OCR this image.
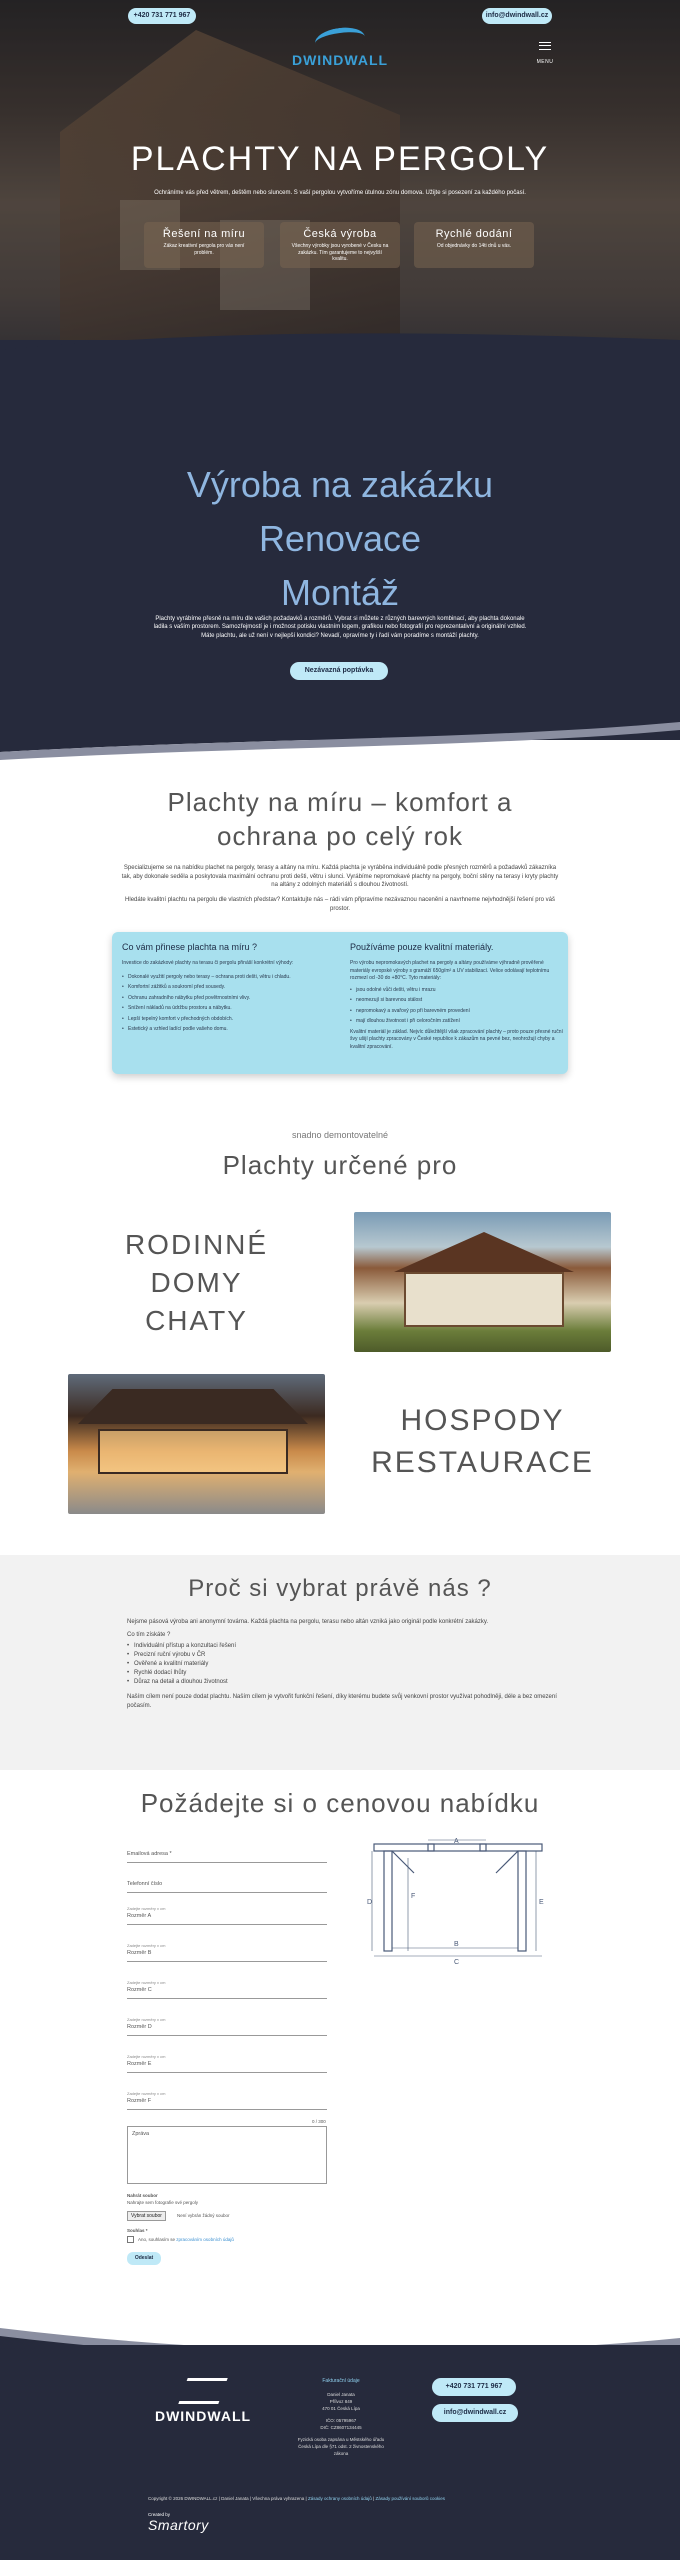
+420 731 771 967	info@dwindwall.cz
DWINDWALL	MENU
PLACHTY NA PERGOLY
Ochráníme vás před větrem, deštěm nebo sluncem. S vaší pergolou vytvoříme útulnou zónu domova. Užijte si posezení za každého počasí.
Řešení na míru

Zákaz kreativní pergola pro vás není problém.

Česká výroba

Všechny výrobky jsou vyrobené v Česku na zakázku. Tím garantujeme to nejvyšší kvalitu.

Rychlé dodání

Od objednávky do 14ti dnů u vás.

Výroba na zakázku
Renovace
Montáž
Plachty vyrábíme přesně na míru dle vašich požadavků a rozměrů. Vybrat si můžete z různých barevných kombinací, aby plachta dokonale ladila s vaším prostorem. Samozřejmostí je i možnost potisku vlastním logem, grafikou nebo fotografií pro reprezentativní a originální vzhled. Máte plachtu, ale už není v nejlepší kondici? Nevadí, opravíme ty i řadí vám poradíme s montáží plachty.
Nezávazná poptávka
Plachty na míru – komfort a
ochrana po celý rok
Specializujeme se na nabídku plachet na pergoly, terasy a altány na míru. Každá plachta je vyráběna individuálně podle přesných rozměrů a požadavků zákazníka tak, aby dokonale seděla a poskytovala maximální ochranu proti dešti, větru i slunci. Vyrábíme nepromokavé plachty na pergoly, boční stěny na terasy i kryty plachty na altány z odolných materiálů s dlouhou životností.
Hledáte kvalitní plachtu na pergolu dle vlastních představ? Kontaktujte nás – rádi vám připravíme nezávaznou nacenění a navrhneme nejvhodnější řešení pro váš prostor.
Co vám přinese plachta na míru ?

Investice do zakázkové plachty na terasu či pergolu přináší konkrétní výhody:

• Dokonalé využití pergoly nebo terasy – ochrana proti dešti, větru i chladu.
• Komfortní zážitků a soukromí před sousedy.
• Ochranu zahradního nábytku před povětrnostními vlivy.
• Snížení nákladů na údržbu prostoru a nábytku.
• Lepší tepelný komfort v přechodných obdobích.
• Estetický a vzhled ladící podle vašeho domu.
Používáme pouze kvalitní materiály.

Pro výrobu nepromokavých plachet na pergoly a altány používáme výhradně prověřené materiály evropské výroby s gramáží 650g/m² a UV stabilizací. Velice odolávají teplotnímu rozmezí od -30 do +80°C. Tyto materiály:

• jsou odolné vůči dešti, větru i mrazu
• neomezují si barevnou stálost
• nepromokavý a svařový po při barevném provedení
• mají dlouhou životnost i při celoročním zatížení

Kvalitní materiál je základ. Nejvíc důležitější však zpracování plachty – proto pouze přesné ruční švy ušijí plachty zpracovány v České republice k zákazům na pevné bez, neohrožují chyby a kvalitní zpracování.

snadno demontovatelné
Plachty určené pro
RODINNÉ
DOMY
CHATY
HOSPODY
RESTAURACE
Proč si vybrat právě nás ?

Nejsme pásová výroba ani anonymní továrna. Každá plachta na pergolu, terasu nebo altán vzniká jako originál podle konkrétní zakázky.

Co tím získáte ?

• Individuální přístup a konzultaci řešení
• Precizní ruční výrobu v ČR
• Ověřené a kvalitní materiály
• Rychlé dodací lhůty
• Důraz na detail a dlouhou životnost

Naším cílem není pouze dodat plachtu. Naším cílem je vytvořit funkční řešení, díky kterému budete svůj venkovní prostor využívat pohodlněji, déle a bez omezení počasím.

Požádejte si o cenovou nabídku
Emailová adresa *
Telefonní číslo
Zadejte rozměry v cm
Rozměr A
Zadejte rozměry v cm
Rozměr B
Zadejte rozměry v cm
Rozměr C
Zadejte rozměry v cm
Rozměr D
Zadejte rozměry v cm
Rozměr E
Zadejte rozměry v cm
Rozměr F
0 / 300
Zpráva
Nahrát soubor
Nahrajte sem fotografie své pergoly
Vybrat soubor	Není vybrán žádný soubor
Souhlas *
Ano, souhlasím se zpracováním osobních údajů
Odeslat
A
B
C
D	E
F
DWINDWALL
Fakturační údaje
Daniel Janata
Přílvoz 849
470 01 Česká Lípa
IČO: 05795967
DIČ: CZ8607134445
Fyzická osoba zapsána u Městského úřadu
Česká Lípa dle §71 odst. 2 živnostenského
zákona
+420 731 771 967
info@dwindwall.cz
Copyright © 2026 DWINDWALL.cz | Daniel Janata | Všechna práva vyhrazena | Zásady ochrany osobních údajů | Zásady používání souborů cookies
Created by
Smartory
